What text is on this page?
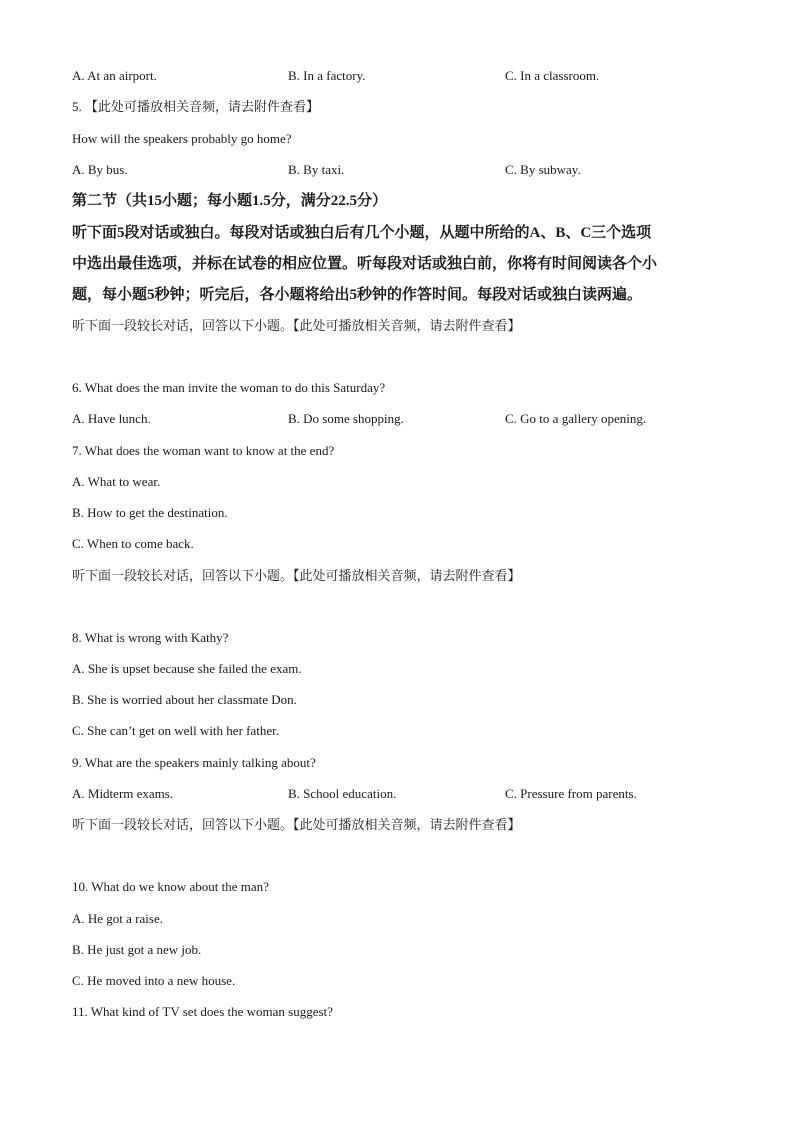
A. At an airport.	B. In a factory.	C. In a classroom.
5. 【此处可播放相关音频，请去附件查看】
How will the speakers probably go home?
A. By bus.	B. By taxi.	C. By subway.
第二节（共15小题；每小题1.5分，满分22.5分）
听下面5段对话或独白。每段对话或独白后有几个小题，从题中所给的A、B、C三个选项
中选出最佳选项，并标在试卷的相应位置。听每段对话或独白前，你将有时间阅读各个小
题，每小题5秒钟；听完后，各小题将给出5秒钟的作答时间。每段对话或独白读两遍。
听下面一段较长对话，回答以下小题。【此处可播放相关音频，请去附件查看】
6. What does the man invite the woman to do this Saturday?
A. Have lunch.	B. Do some shopping.	C. Go to a gallery opening.
7. What does the woman want to know at the end?
A. What to wear.
B. How to get the destination.
C. When to come back.
听下面一段较长对话，回答以下小题。【此处可播放相关音频，请去附件查看】
8. What is wrong with Kathy?
A. She is upset because she failed the exam.
B. She is worried about her classmate Don.
C. She can’t get on well with her father.
9. What are the speakers mainly talking about?
A. Midterm exams.	B. School education.	C. Pressure from parents.
听下面一段较长对话，回答以下小题。【此处可播放相关音频，请去附件查看】
10. What do we know about the man?
A. He got a raise.
B. He just got a new job.
C. He moved into a new house.
11. What kind of TV set does the woman suggest?
